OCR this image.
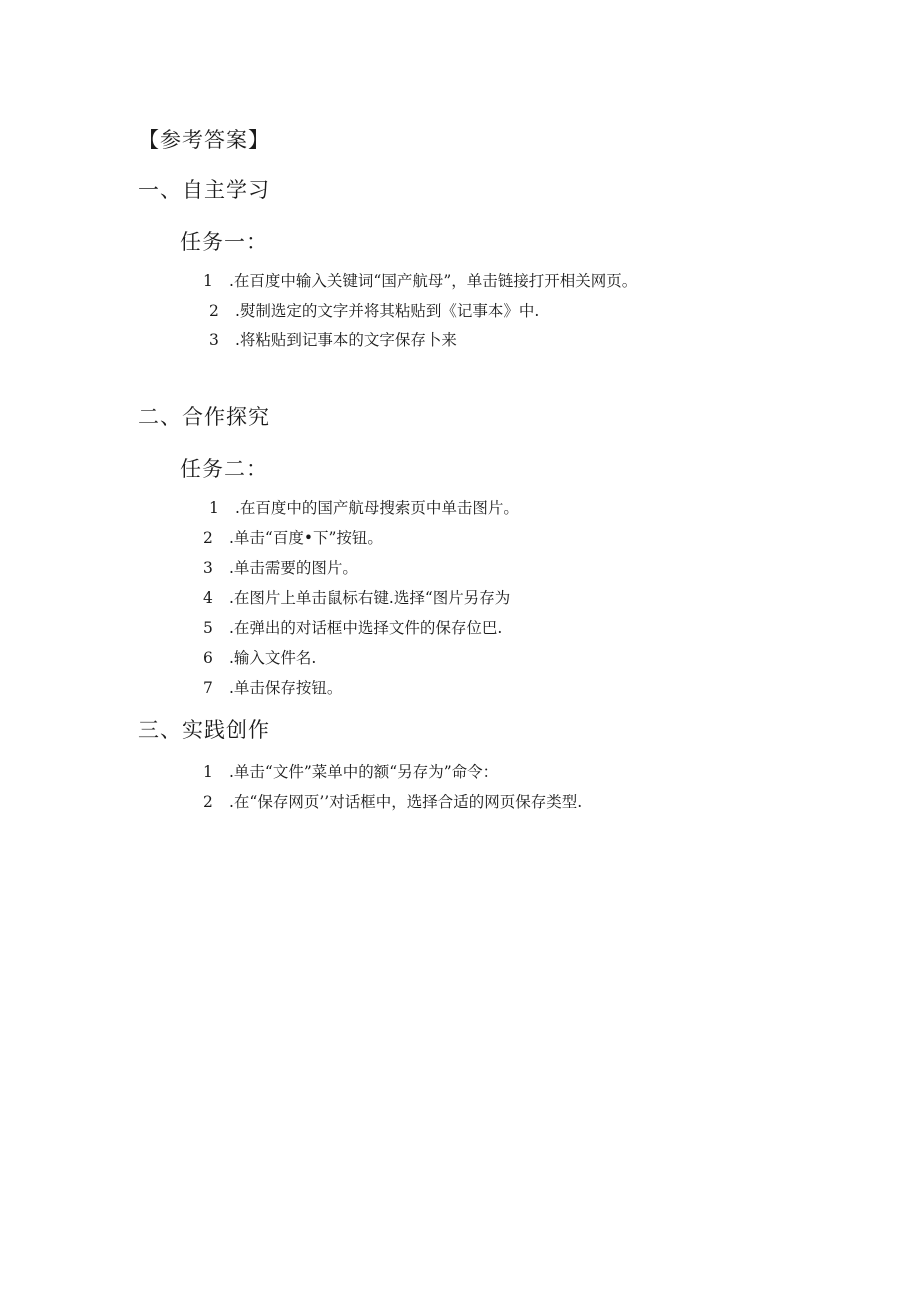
【参考答案】
一、自主学习
任务一：
1 .在百度中输入关键词“国产航母”，单击链接打开相关网页。
2 .熨制选定的文字并将其粘贴到《记事本》中.
3 .将粘贴到记事本的文字保存卜来
二、合作探究
任务二：
1 .在百度中的国产航母搜索页中单击图片。
2 .单击“百度•下”按钮。
3 .单击需要的图片。
4 .在图片上单击鼠标右键.选择“图片另存为
5 .在弹出的对话框中选择文件的保存位巴.
6 .输入文件名.
7 .单击保存按钮。
三、实践创作
1 .单击“文件”菜单中的额“另存为”命令：
2 .在“保存网页’’对话框中，选择合适的网页保存类型.
